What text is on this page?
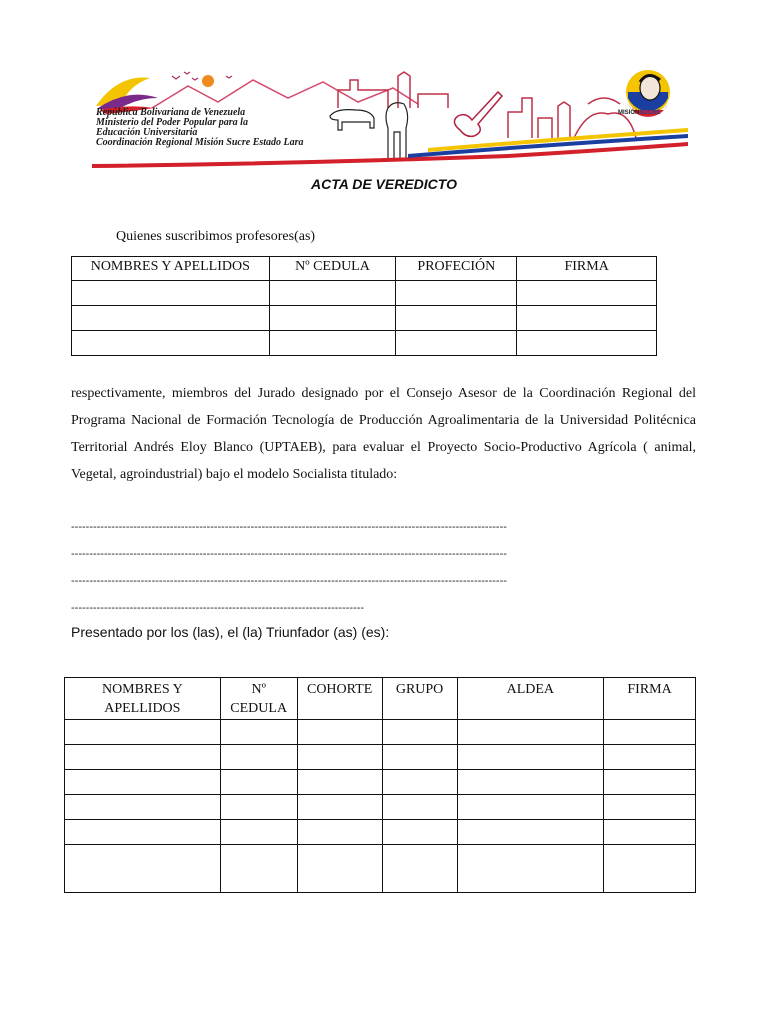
República Bolivariana de Venezuela
Ministerio del Poder Popular para la
Educación Universitaria
Coordinación Regional Misión Sucre Estado Lara
MISIÓNSUCRE
ACTA DE VEREDICTO
Quienes suscribimos profesores(as)
NOMBRES Y APELLIDOS	Nº CEDULA	PROFECIÓN	FIRMA

respectivamente, miembros del Jurado designado por el Consejo Asesor de la Coordinación Regional del Programa Nacional de Formación Tecnología de Producción Agroalimentaria de la Universidad Politécnica Territorial Andrés Eloy Blanco (UPTAEB), para evaluar el Proyecto Socio-Productivo Agrícola ( animal, Vegetal, agroindustrial) bajo el modelo Socialista titulado:
-----------------------------------------------------------------------------------------------------------------------
-----------------------------------------------------------------------------------------------------------------------
-----------------------------------------------------------------------------------------------------------------------
--------------------------------------------------------------------------------
Presentado por los (las), el (la) Triunfador (as) (es):
NOMBRES Y APELLIDOS	Nº CEDULA	COHORTE	GRUPO	ALDEA	FIRMA
